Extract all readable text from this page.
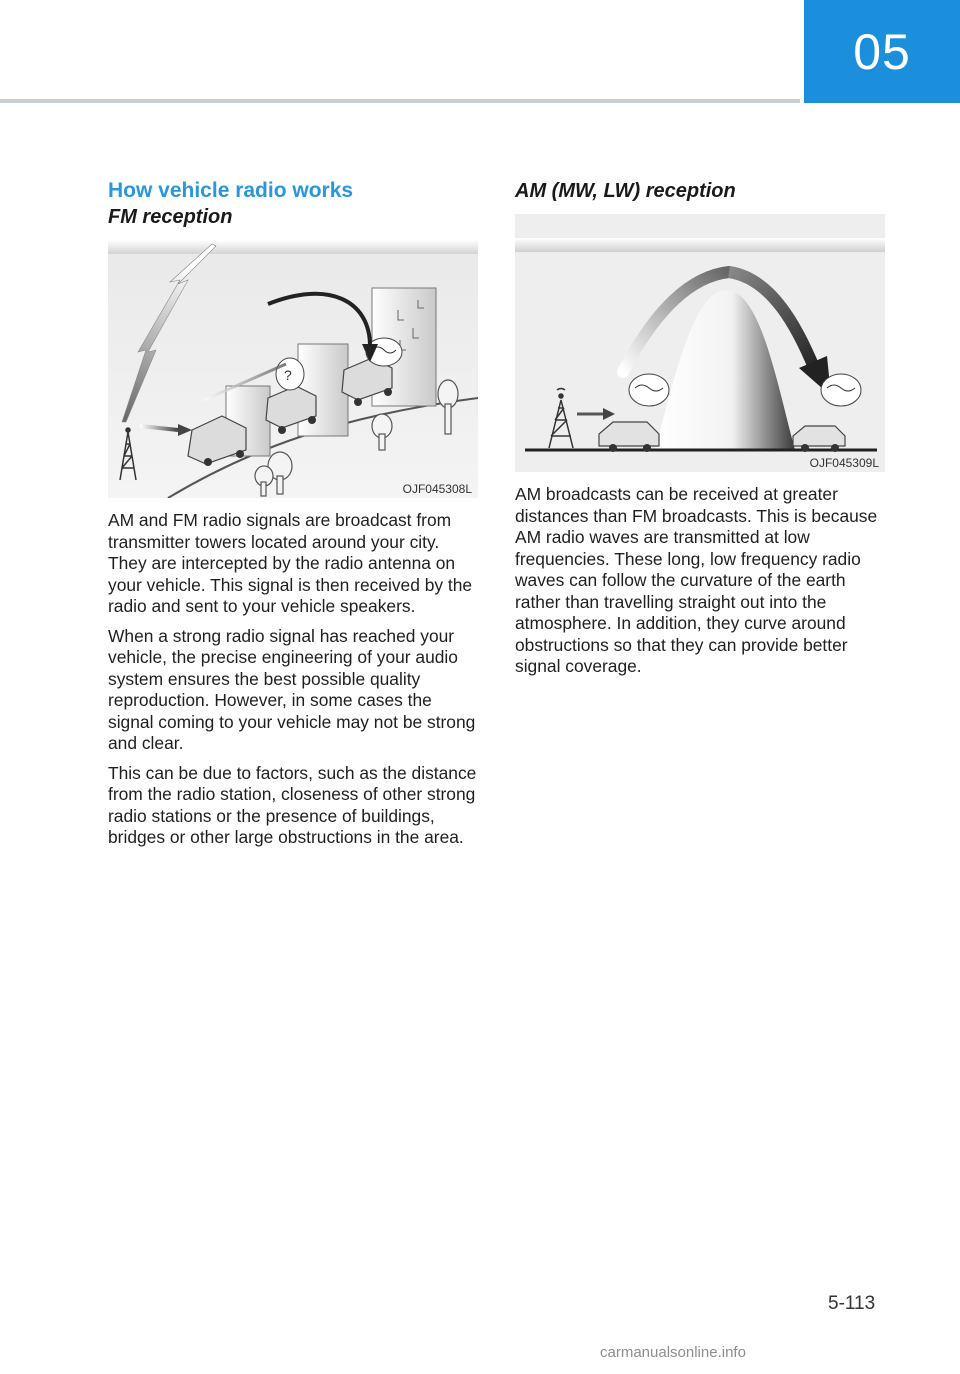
05
How vehicle radio works
FM reception
?
OJF045308L

AM and FM radio signals are broadcast from transmitter towers located around your city. They are intercepted by the radio antenna on your vehicle. This signal is then received by the radio and sent to your vehicle speakers.

When a strong radio signal has reached your vehicle, the precise engineering of your audio system ensures the best possible quality reproduction. However, in some cases the signal coming to your vehicle may not be strong and clear.

This can be due to factors, such as the distance from the radio station, closeness of other strong radio stations or the presence of buildings, bridges or other large obstructions in the area.

AM (MW, LW) reception
OJF045309L

AM broadcasts can be received at greater distances than FM broadcasts. This is because AM radio waves are transmitted at low frequencies. These long, low frequency radio waves can follow the curvature of the earth rather than travelling straight out into the atmosphere. In addition, they curve around obstructions so that they can provide better signal coverage.

5-113
carmanualsonline.info
